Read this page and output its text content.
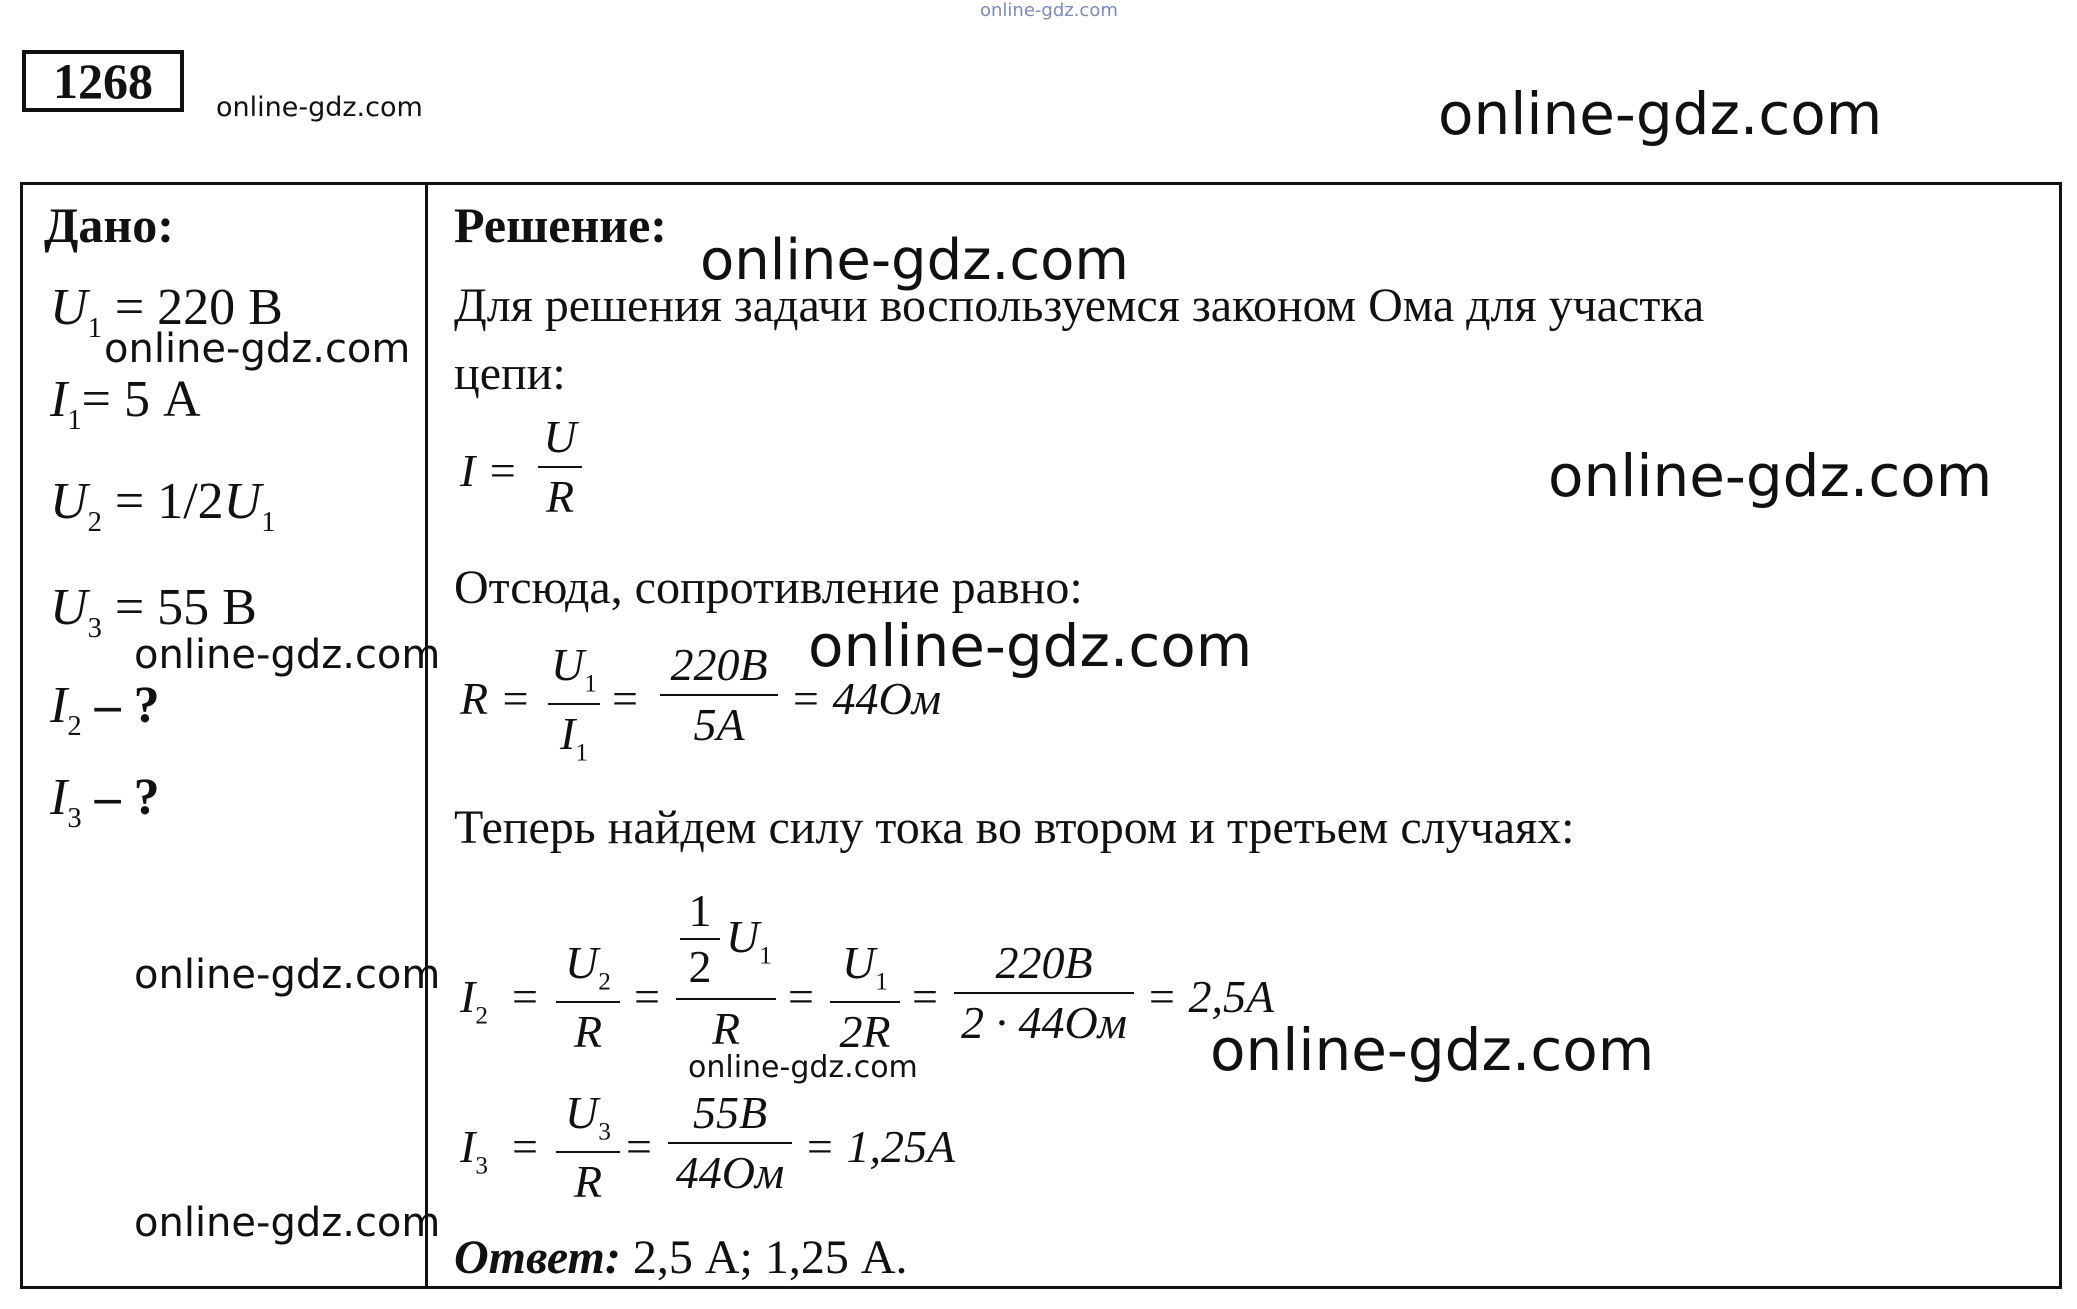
online-gdz.com
1268	online-gdz.com	online-gdz.com
Дано:
$U_1 = 220$ В
$I_1= 5$ А
$U_2 = 1/2U_1$
$U_3 = 55$ В
$I_2$ – ?
$I_3$ – ?
Решение:
Для решения задачи воспользуемся законом Ома для участка
цепи:
I =
U
R
Отсюда, сопротивление равно:
R =
$U_1$
$I_1$
=
220B
5A
= 44Ом
Теперь найдем силу тока во втором и третьем случаях:
$I_2$ =
$U_2$
R
=
1
2
$U_1$
R
=
$U_1$
2R
=
220B
2 · 44Ом
= 2,5A
$I_3$ =
$U_3$
R
=
55B
44Ом
= 1,25A
Ответ: 2,5 А; 1,25 А.
online-gdz.com
online-gdz.com
online-gdz.com
online-gdz.com
online-gdz.com
online-gdz.com
online-gdz.com	online-gdz.com
online-gdz.com
